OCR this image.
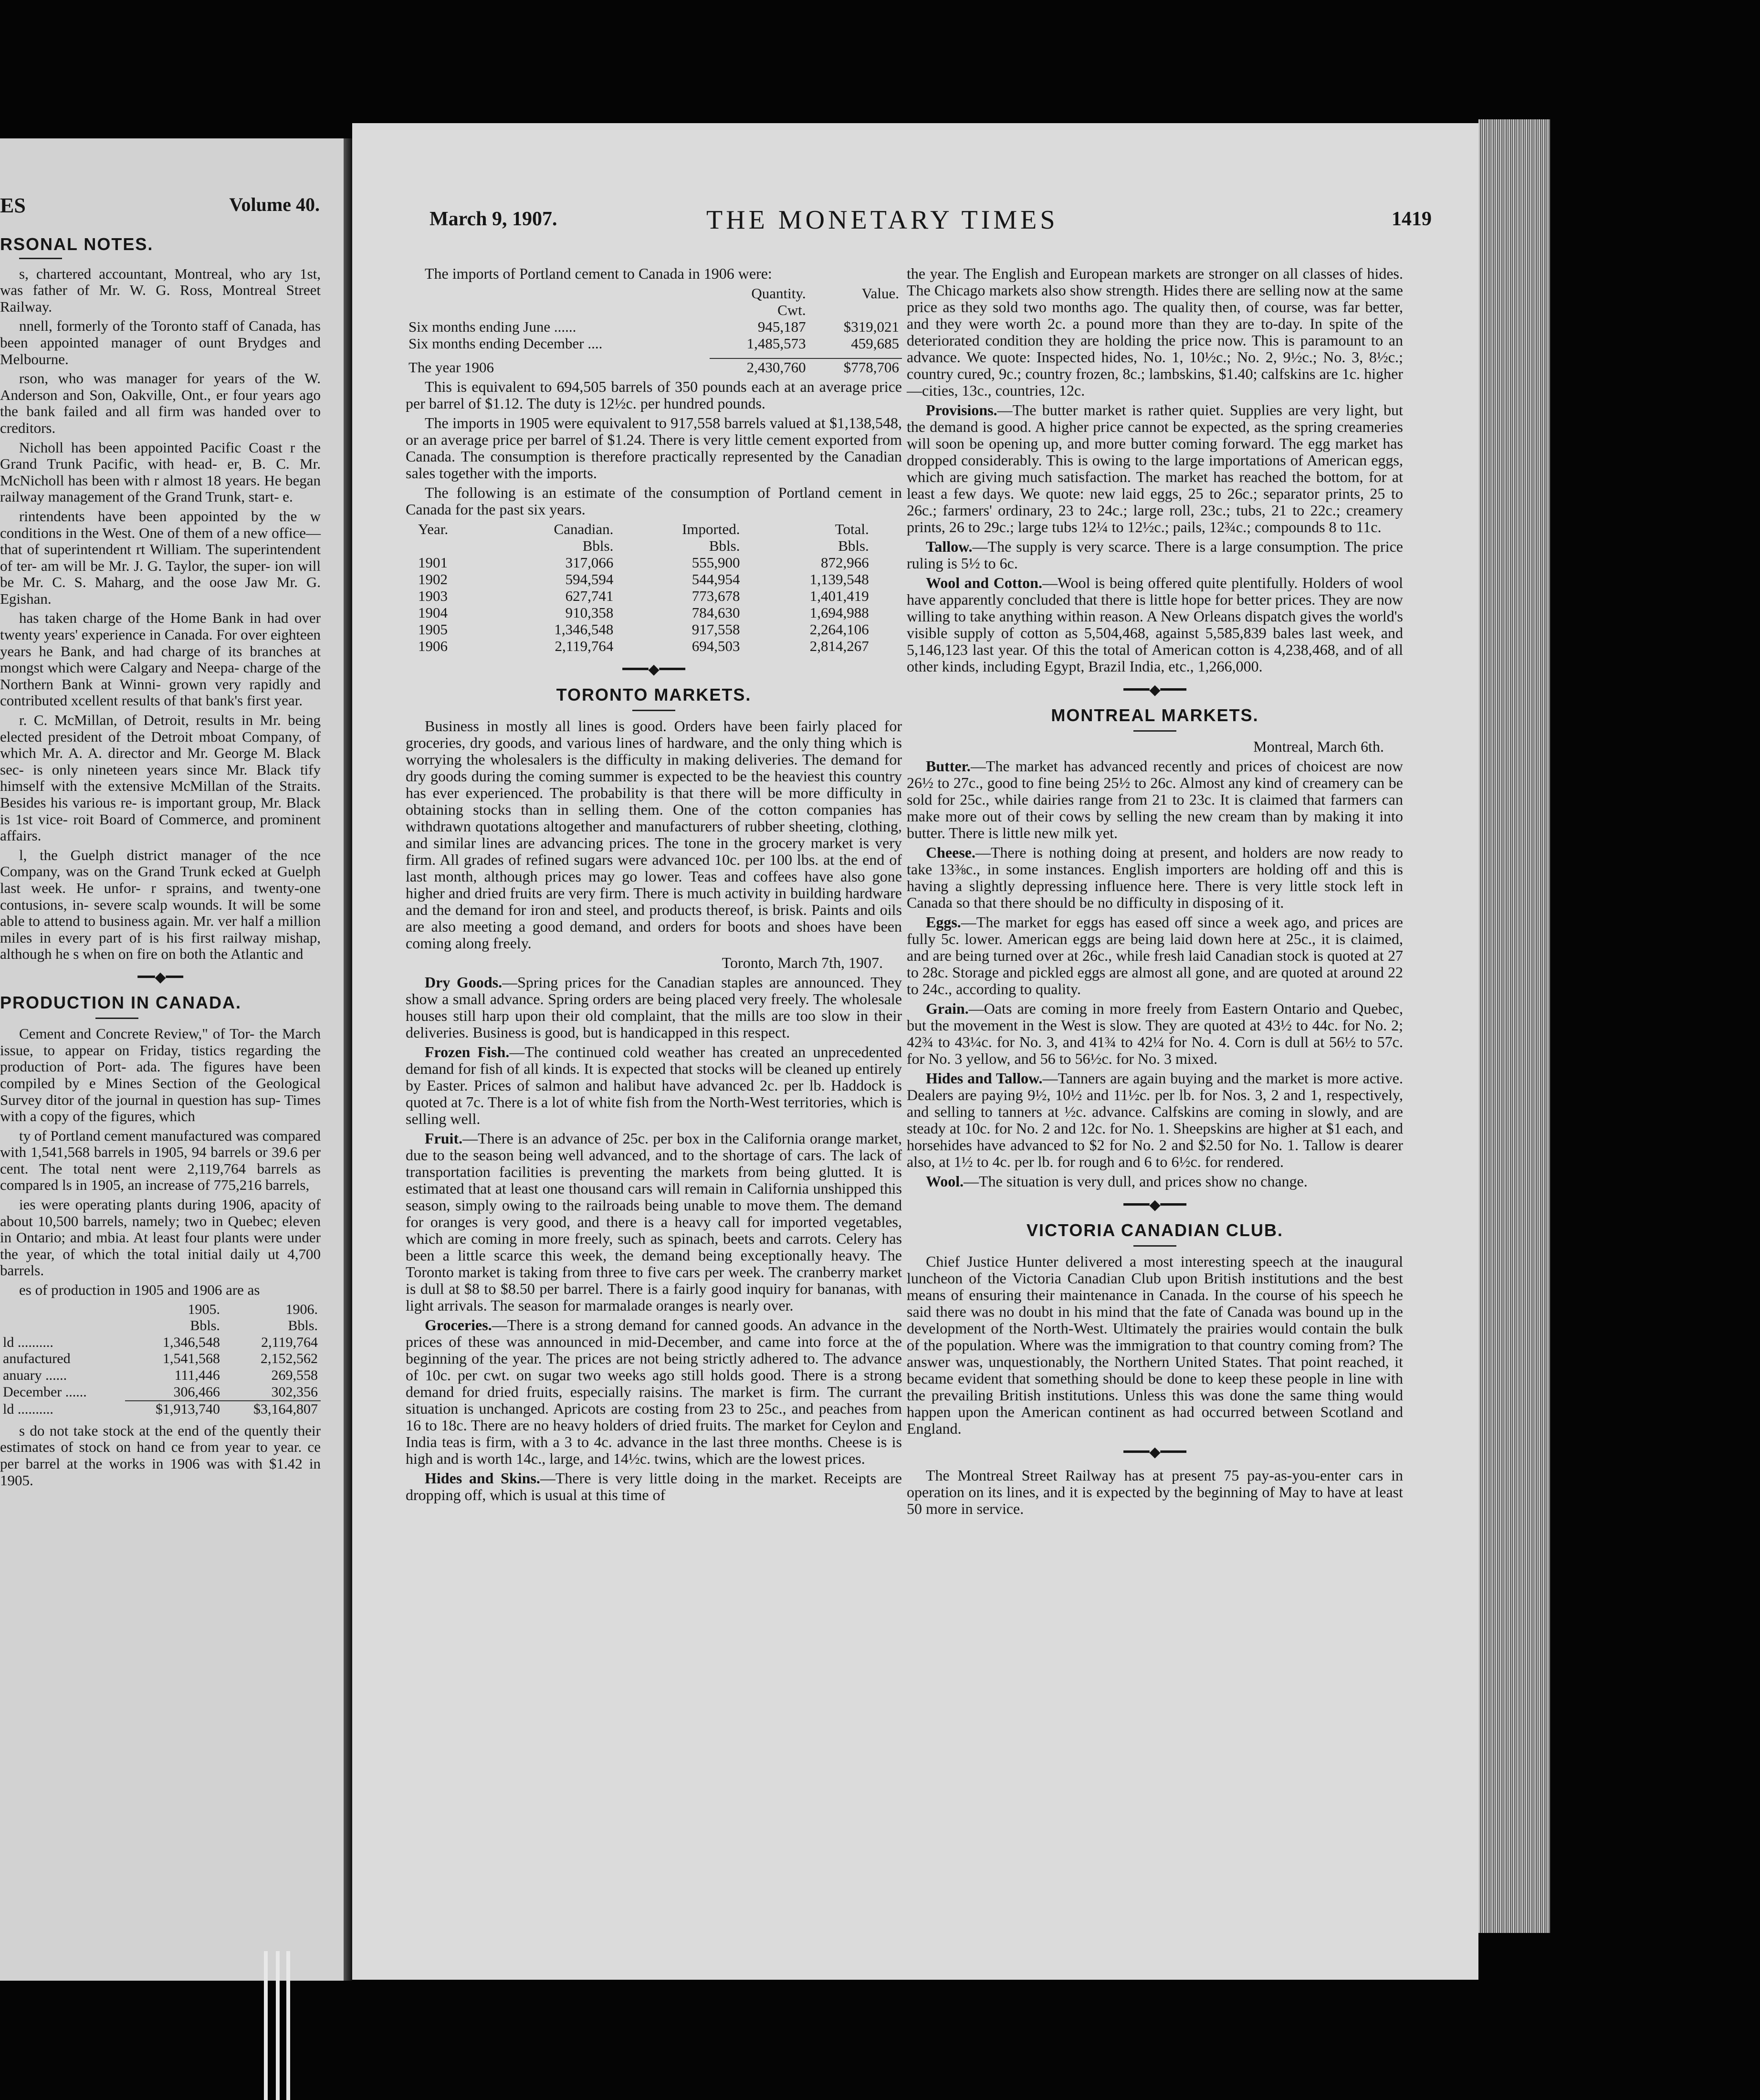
ES	Volume 40.
RSONAL NOTES.

s, chartered accountant, Montreal, who ary 1st, was father of Mr. W. G. Ross, Montreal Street Railway.

nnell, formerly of the Toronto staff of Canada, has been appointed manager of ount Brydges and Melbourne.

rson, who was manager for years of the W. Anderson and Son, Oakville, Ont., er four years ago the bank failed and all firm was handed over to creditors.

Nicholl has been appointed Pacific Coast r the Grand Trunk Pacific, with head- er, B. C. Mr. McNicholl has been with r almost 18 years. He began railway management of the Grand Trunk, start- e.

rintendents have been appointed by the w conditions in the West. One of them of a new office—that of superintendent rt William. The superintendent of ter- am will be Mr. J. G. Taylor, the super- ion will be Mr. C. S. Maharg, and the oose Jaw Mr. G. Egishan.

has taken charge of the Home Bank in had over twenty years' experience in Canada. For over eighteen years he Bank, and had charge of its branches at mongst which were Calgary and Neepa- charge of the Northern Bank at Winni- grown very rapidly and contributed xcellent results of that bank's first year.

r. C. McMillan, of Detroit, results in Mr. being elected president of the Detroit mboat Company, of which Mr. A. A. director and Mr. George M. Black sec- is only nineteen years since Mr. Black tify himself with the extensive McMillan of the Straits. Besides his various re- is important group, Mr. Black is 1st vice- roit Board of Commerce, and prominent affairs.

l, the Guelph district manager of the nce Company, was on the Grand Trunk ecked at Guelph last week. He unfor- r sprains, and twenty-one contusions, in- severe scalp wounds. It will be some able to attend to business again. Mr. ver half a million miles in every part of is his first railway mishap, although he s when on fire on both the Atlantic and

━━◆━━
PRODUCTION IN CANADA.

Cement and Concrete Review," of Tor- the March issue, to appear on Friday, tistics regarding the production of Port- ada. The figures have been compiled by e Mines Section of the Geological Survey ditor of the journal in question has sup- Times with a copy of the figures, which

ty of Portland cement manufactured was compared with 1,541,568 barrels in 1905, 94 barrels or 39.6 per cent. The total nent were 2,119,764 barrels as compared ls in 1905, an increase of 775,216 barrels,

ies were operating plants during 1906, apacity of about 10,500 barrels, namely; two in Quebec; eleven in Ontario; and mbia. At least four plants were under the year, of which the total initial daily ut 4,700 barrels.

es of production in 1905 and 1906 are as

	1905.	1906.
	Bbls.	Bbls.
ld ..........	1,346,548	2,119,764
anufactured	1,541,568	2,152,562
anuary ......	111,446	269,558
December ......	306,466	302,356
ld ..........	$1,913,740	$3,164,807

s do not take stock at the end of the quently their estimates of stock on hand ce from year to year. ce per barrel at the works in 1906 was with $1.42 in 1905.

March 9, 1907.	THE MONETARY TIMES	1419

The imports of Portland cement to Canada in 1906 were:

	Quantity.	Value.
	Cwt.	
Six months ending June ......	945,187	$319,021
Six months ending December ....	1,485,573	459,685

The year 1906	2,430,760	$778,706

This is equivalent to 694,505 barrels of 350 pounds each at an average price per barrel of $1.12. The duty is 12½c. per hundred pounds.

The imports in 1905 were equivalent to 917,558 barrels valued at $1,138,548, or an average price per barrel of $1.24. There is very little cement exported from Canada. The consumption is therefore practically represented by the Canadian sales together with the imports.

The following is an estimate of the consumption of Portland cement in Canada for the past six years.

Year.	Canadian.	Imported.	Total.
	Bbls.	Bbls.	Bbls.
1901	317,066	555,900	872,966
1902	594,594	544,954	1,139,548
1903	627,741	773,678	1,401,419
1904	910,358	784,630	1,694,988
1905	1,346,548	917,558	2,264,106
1906	2,119,764	694,503	2,814,267
━━━◆━━━
TORONTO MARKETS.

Business in mostly all lines is good. Orders have been fairly placed for groceries, dry goods, and various lines of hardware, and the only thing which is worrying the wholesalers is the difficulty in making deliveries. The demand for dry goods during the coming summer is expected to be the heaviest this country has ever experienced. The probability is that there will be more difficulty in obtaining stocks than in selling them. One of the cotton companies has withdrawn quotations altogether and manufacturers of rubber sheeting, clothing, and similar lines are advancing prices. The tone in the grocery market is very firm. All grades of refined sugars were advanced 10c. per 100 lbs. at the end of last month, although prices may go lower. Teas and coffees have also gone higher and dried fruits are very firm. There is much activity in building hardware and the demand for iron and steel, and products thereof, is brisk. Paints and oils are also meeting a good demand, and orders for boots and shoes have been coming along freely.

Toronto, March 7th, 1907.

Dry Goods.—Spring prices for the Canadian staples are announced. They show a small advance. Spring orders are being placed very freely. The wholesale houses still harp upon their old complaint, that the mills are too slow in their deliveries. Business is good, but is handicapped in this respect.

Frozen Fish.—The continued cold weather has created an unprecedented demand for fish of all kinds. It is expected that stocks will be cleaned up entirely by Easter. Prices of salmon and halibut have advanced 2c. per lb. Haddock is quoted at 7c. There is a lot of white fish from the North-West territories, which is selling well.

Fruit.—There is an advance of 25c. per box in the California orange market, due to the season being well advanced, and to the shortage of cars. The lack of transportation facilities is preventing the markets from being glutted. It is estimated that at least one thousand cars will remain in California unshipped this season, simply owing to the railroads being unable to move them. The demand for oranges is very good, and there is a heavy call for imported vegetables, which are coming in more freely, such as spinach, beets and carrots. Celery has been a little scarce this week, the demand being exceptionally heavy. The Toronto market is taking from three to five cars per week. The cranberry market is dull at $8 to $8.50 per barrel. There is a fairly good inquiry for bananas, with light arrivals. The season for marmalade oranges is nearly over.

Groceries.—There is a strong demand for canned goods. An advance in the prices of these was announced in mid-December, and came into force at the beginning of the year. The prices are not being strictly adhered to. The advance of 10c. per cwt. on sugar two weeks ago still holds good. There is a strong demand for dried fruits, especially raisins. The market is firm. The currant situation is unchanged. Apricots are costing from 23 to 25c., and peaches from 16 to 18c. There are no heavy holders of dried fruits. The market for Ceylon and India teas is firm, with a 3 to 4c. advance in the last three months. Cheese is is high and is worth 14c., large, and 14½c. twins, which are the lowest prices.

Hides and Skins.—There is very little doing in the market. Receipts are dropping off, which is usual at this time of

the year. The English and European markets are stronger on all classes of hides. The Chicago markets also show strength. Hides there are selling now at the same price as they sold two months ago. The quality then, of course, was far better, and they were worth 2c. a pound more than they are to-day. In spite of the deteriorated condition they are holding the price now. This is paramount to an advance. We quote: Inspected hides, No. 1, 10½c.; No. 2, 9½c.; No. 3, 8½c.; country cured, 9c.; country frozen, 8c.; lambskins, $1.40; calfskins are 1c. higher—cities, 13c., countries, 12c.

Provisions.—The butter market is rather quiet. Supplies are very light, but the demand is good. A higher price cannot be expected, as the spring creameries will soon be opening up, and more butter coming forward. The egg market has dropped considerably. This is owing to the large importations of American eggs, which are giving much satisfaction. The market has reached the bottom, for at least a few days. We quote: new laid eggs, 25 to 26c.; separator prints, 25 to 26c.; farmers' ordinary, 23 to 24c.; large roll, 23c.; tubs, 21 to 22c.; creamery prints, 26 to 29c.; large tubs 12¼ to 12½c.; pails, 12¾c.; compounds 8 to 11c.

Tallow.—The supply is very scarce. There is a large consumption. The price ruling is 5½ to 6c.

Wool and Cotton.—Wool is being offered quite plentifully. Holders of wool have apparently concluded that there is little hope for better prices. They are now willing to take anything within reason. A New Orleans dispatch gives the world's visible supply of cotton as 5,504,468, against 5,585,839 bales last week, and 5,146,123 last year. Of this the total of American cotton is 4,238,468, and of all other kinds, including Egypt, Brazil India, etc., 1,266,000.

━━━◆━━━
MONTREAL MARKETS.

Montreal, March 6th.

Butter.—The market has advanced recently and prices of choicest are now 26½ to 27c., good to fine being 25½ to 26c. Almost any kind of creamery can be sold for 25c., while dairies range from 21 to 23c. It is claimed that farmers can make more out of their cows by selling the new cream than by making it into butter. There is little new milk yet.

Cheese.—There is nothing doing at present, and holders are now ready to take 13⅜c., in some instances. English importers are holding off and this is having a slightly depressing influence here. There is very little stock left in Canada so that there should be no difficulty in disposing of it.

Eggs.—The market for eggs has eased off since a week ago, and prices are fully 5c. lower. American eggs are being laid down here at 25c., it is claimed, and are being turned over at 26c., while fresh laid Canadian stock is quoted at 27 to 28c. Storage and pickled eggs are almost all gone, and are quoted at around 22 to 24c., according to quality.

Grain.—Oats are coming in more freely from Eastern Ontario and Quebec, but the movement in the West is slow. They are quoted at 43½ to 44c. for No. 2; 42¾ to 43¼c. for No. 3, and 41¾ to 42¼ for No. 4. Corn is dull at 56½ to 57c. for No. 3 yellow, and 56 to 56½c. for No. 3 mixed.

Hides and Tallow.—Tanners are again buying and the market is more active. Dealers are paying 9½, 10½ and 11½c. per lb. for Nos. 3, 2 and 1, respectively, and selling to tanners at ½c. advance. Calfskins are coming in slowly, and are steady at 10c. for No. 2 and 12c. for No. 1. Sheepskins are higher at $1 each, and horsehides have advanced to $2 for No. 2 and $2.50 for No. 1. Tallow is dearer also, at 1½ to 4c. per lb. for rough and 6 to 6½c. for rendered.

Wool.—The situation is very dull, and prices show no change.

━━━◆━━━
VICTORIA CANADIAN CLUB.

Chief Justice Hunter delivered a most interesting speech at the inaugural luncheon of the Victoria Canadian Club upon British institutions and the best means of ensuring their maintenance in Canada. In the course of his speech he said there was no doubt in his mind that the fate of Canada was bound up in the development of the North-West. Ultimately the prairies would contain the bulk of the population. Where was the immigration to that country coming from? The answer was, unquestionably, the Northern United States. That point reached, it became evident that something should be done to keep these people in line with the prevailing British institutions. Unless this was done the same thing would happen upon the American continent as had occurred between Scotland and England.

━━━◆━━━

The Montreal Street Railway has at present 75 pay-as-you-enter cars in operation on its lines, and it is expected by the beginning of May to have at least 50 more in service.
